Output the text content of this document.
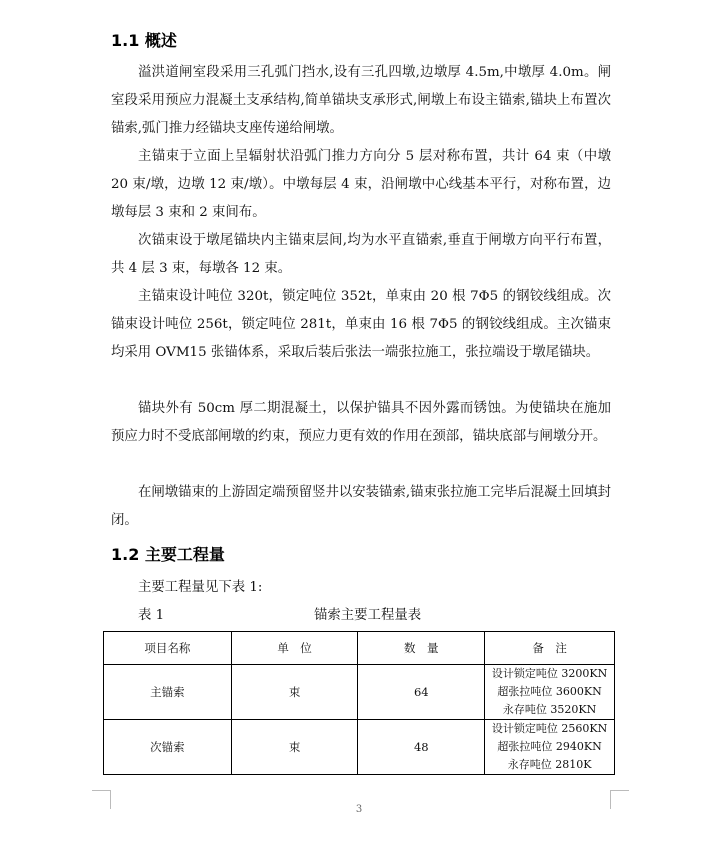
1.1 概述

溢洪道闸室段采用三孔弧门挡水,设有三孔四墩,边墩厚 4.5m,中墩厚 4.0m。闸室段采用预应力混凝土支承结构,简单锚块支承形式,闸墩上布设主锚索,锚块上布置次锚索,弧门推力经锚块支座传递给闸墩。

主锚束于立面上呈辐射状沿弧门推力方向分 5 层对称布置，共计 64 束（中墩 20 束/墩，边墩 12 束/墩）。中墩每层 4 束，沿闸墩中心线基本平行，对称布置，边墩每层 3 束和 2 束间布。

次锚束设于墩尾锚块内主锚束层间,均为水平直锚索,垂直于闸墩方向平行布置，共 4 层 3 束，每墩各 12 束。

主锚束设计吨位 320t，锁定吨位 352t，单束由 20 根 7Φ5 的钢铰线组成。次锚束设计吨位 256t，锁定吨位 281t，单束由 16 根 7Φ5 的钢铰线组成。主次锚束均采用 OVM15 张锚体系，采取后装后张法一端张拉施工，张拉端设于墩尾锚块。

锚块外有 50cm 厚二期混凝土，以保护锚具不因外露而锈蚀。为使锚块在施加预应力时不受底部闸墩的约束，预应力更有效的作用在颈部，锚块底部与闸墩分开。

在闸墩锚束的上游固定端预留竖井以安装锚索,锚束张拉施工完毕后混凝土回填封闭。

1.2 主要工程量
主要工程量见下表 1:
表 1	锚索主要工程量表
项目名称	单　位	数　量	备　注
主锚索	束	64	设计锁定吨位 3200KN
超张拉吨位 3600KN
永存吨位 3520KN

次锚索	束	48	设计锁定吨位 2560KN
超张拉吨位 2940KN
永存吨位 2810K
3
